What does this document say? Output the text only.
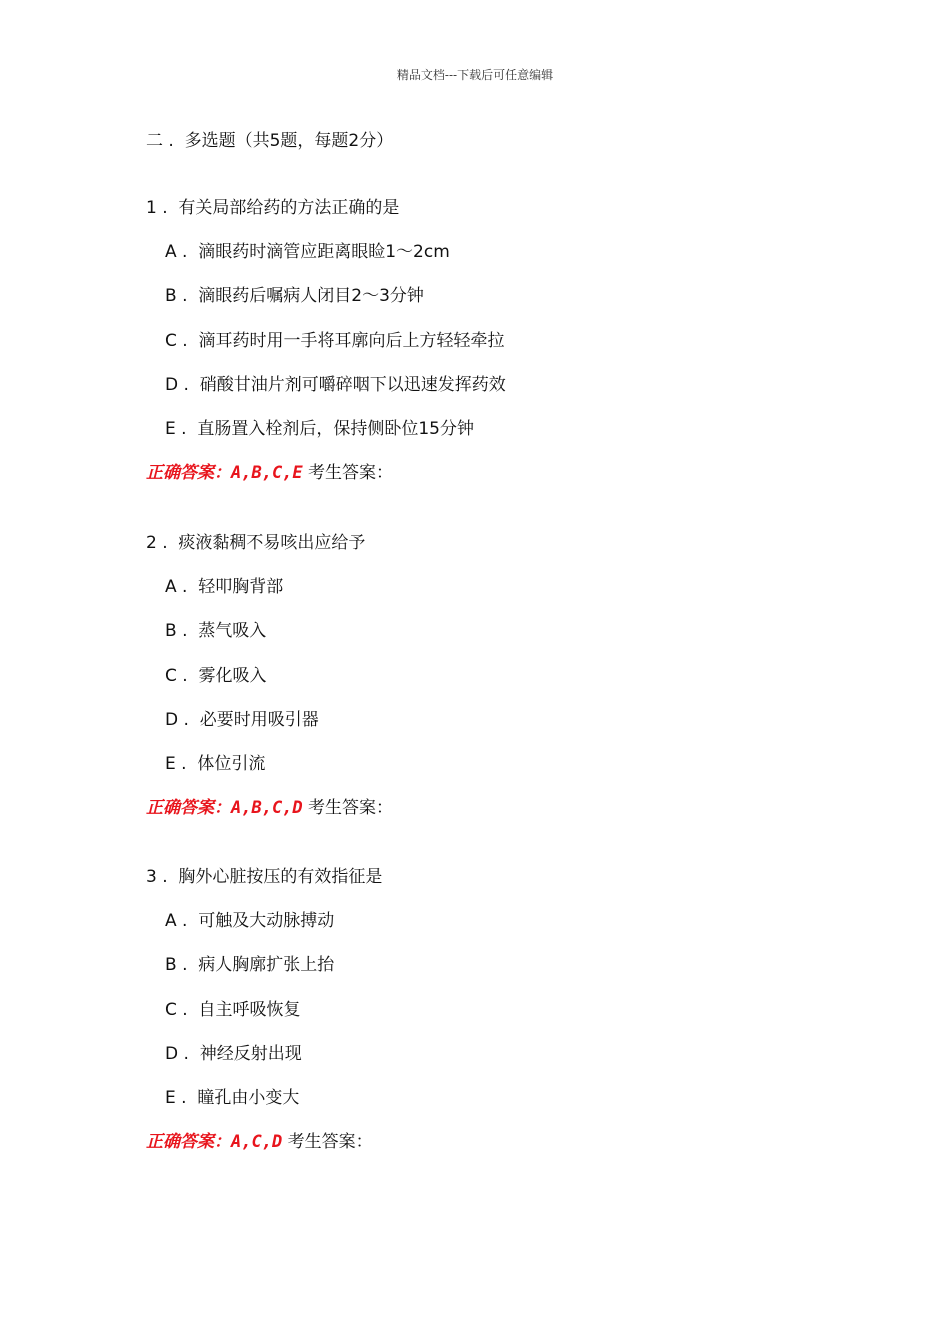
精品文档---下载后可任意编辑
二 .  多选题（共5题，每题2分）
1 .  有关局部给药的方法正确的是
A .  滴眼药时滴管应距离眼睑1～2cm
B .  滴眼药后嘱病人闭目2～3分钟
C .  滴耳药时用一手将耳廓向后上方轻轻牵拉
D .  硝酸甘油片剂可嚼碎咽下以迅速发挥药效
E .  直肠置入栓剂后，保持侧卧位15分钟
正确答案：A,B,C,E 考生答案：
2 .  痰液黏稠不易咳出应给予
A .  轻叩胸背部
B .  蒸气吸入
C .  雾化吸入
D .  必要时用吸引器
E .  体位引流
正确答案：A,B,C,D 考生答案：
3 .  胸外心脏按压的有效指征是
A .  可触及大动脉搏动
B .  病人胸廓扩张上抬
C .  自主呼吸恢复
D .  神经反射出现
E .  瞳孔由小变大
正确答案：A,C,D 考生答案：
